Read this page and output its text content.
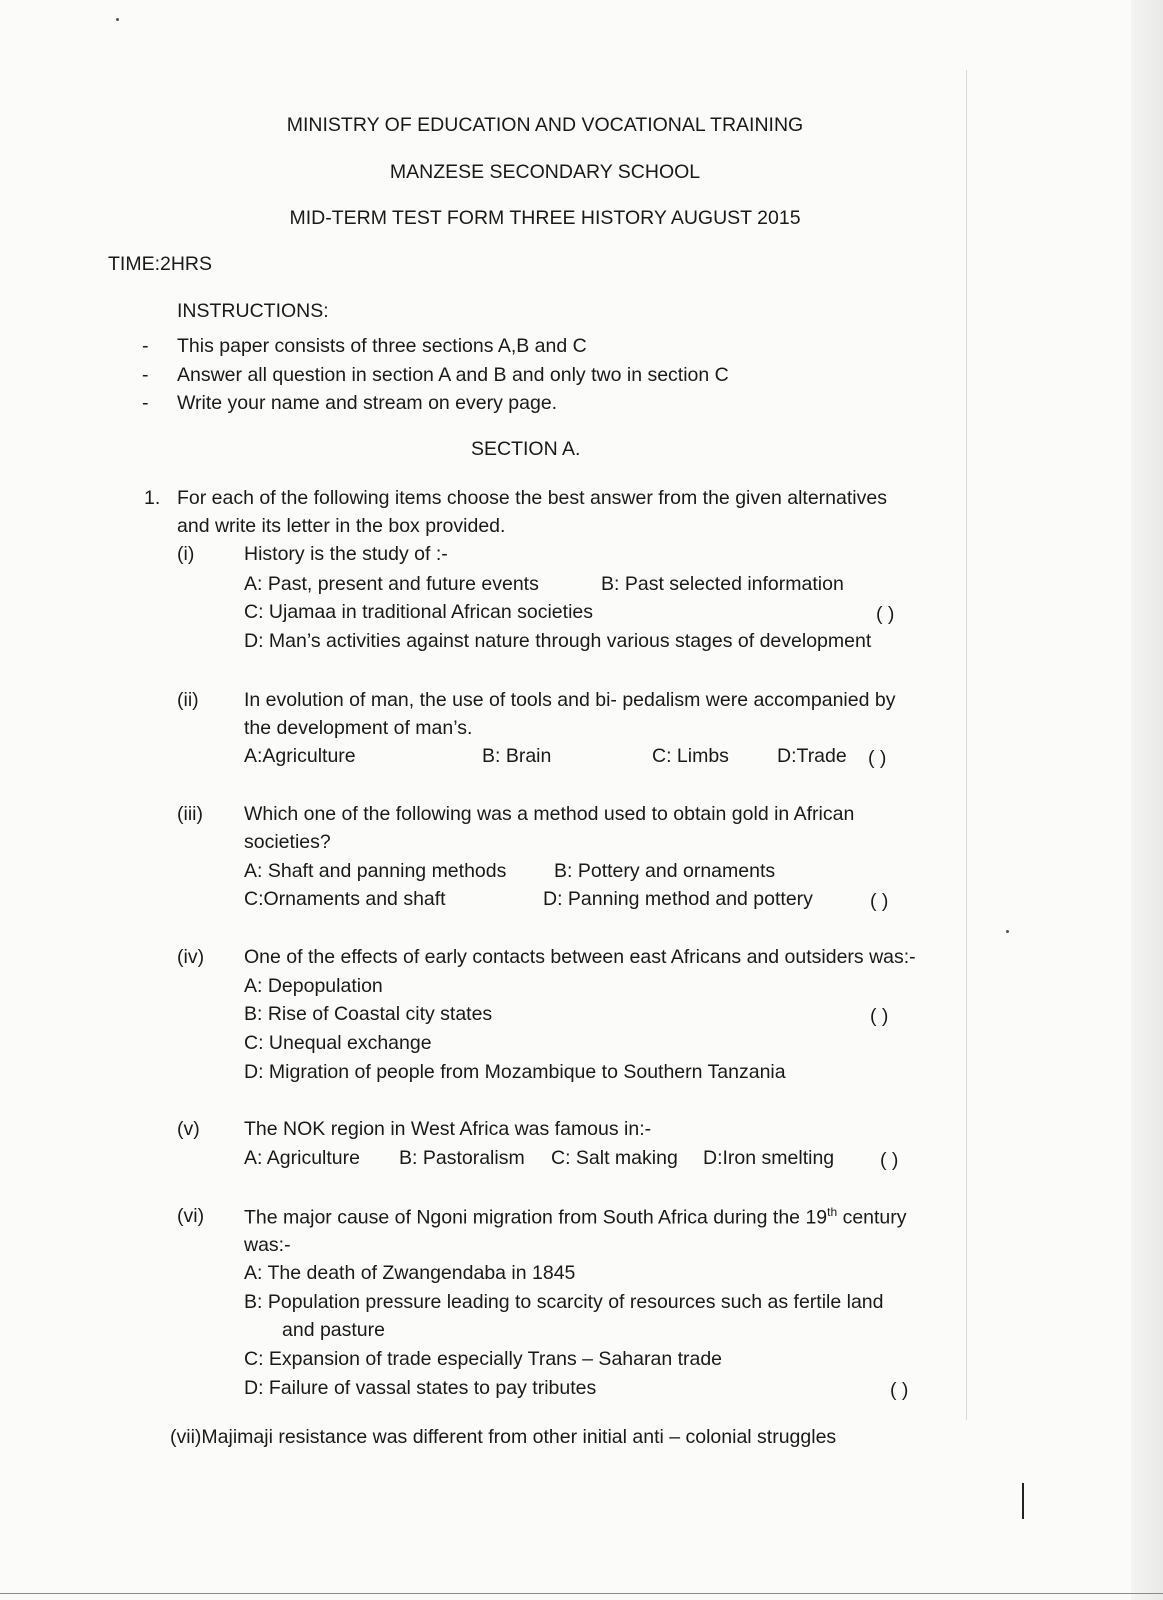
MINISTRY OF EDUCATION AND VOCATIONAL TRAINING
MANZESE SECONDARY SCHOOL
MID-TERM TEST FORM THREE HISTORY AUGUST 2015
TIME:2HRS
INSTRUCTIONS:
- This paper consists of three sections A,B and C
- Answer all question in section A and B and only two in section C
- Write your name and stream on every page.
SECTION A.
1. For each of the following items choose the best answer from the given alternatives
and write its letter in the box provided.
(i)	History is the study of :-
A: Past, present and future events	B: Past selected information
C: Ujamaa in traditional African societies	( )
D: Man’s activities against nature through various stages of development
(ii) In evolution of man, the use of tools and bi- pedalism were accompanied by
the development of man’s.
A:Agriculture	B: Brain	C: Limbs D:Trade ( )
(iii) Which one of the following was a method used to obtain gold in African
societies?
A: Shaft and panning methods B: Pottery and ornaments
C:Ornaments and shaft	D: Panning method and pottery	( )
(iv) One of the effects of early contacts between east Africans and outsiders was:-
A: Depopulation
B: Rise of Coastal city states	( )
C: Unequal exchange
D: Migration of people from Mozambique to Southern Tanzania
(v) The NOK region in West Africa was famous in:-
A: Agriculture B: Pastoralism C: Salt making D:Iron smelting ( )
(vi) The major cause of Ngoni migration from South Africa during the 19th century
was:-
A: The death of Zwangendaba in 1845
B: Population pressure leading to scarcity of resources such as fertile land
and pasture
C: Expansion of trade especially Trans – Saharan trade
D: Failure of vassal states to pay tributes	( )
(vii)Majimaji resistance was different from other initial anti – colonial struggles
